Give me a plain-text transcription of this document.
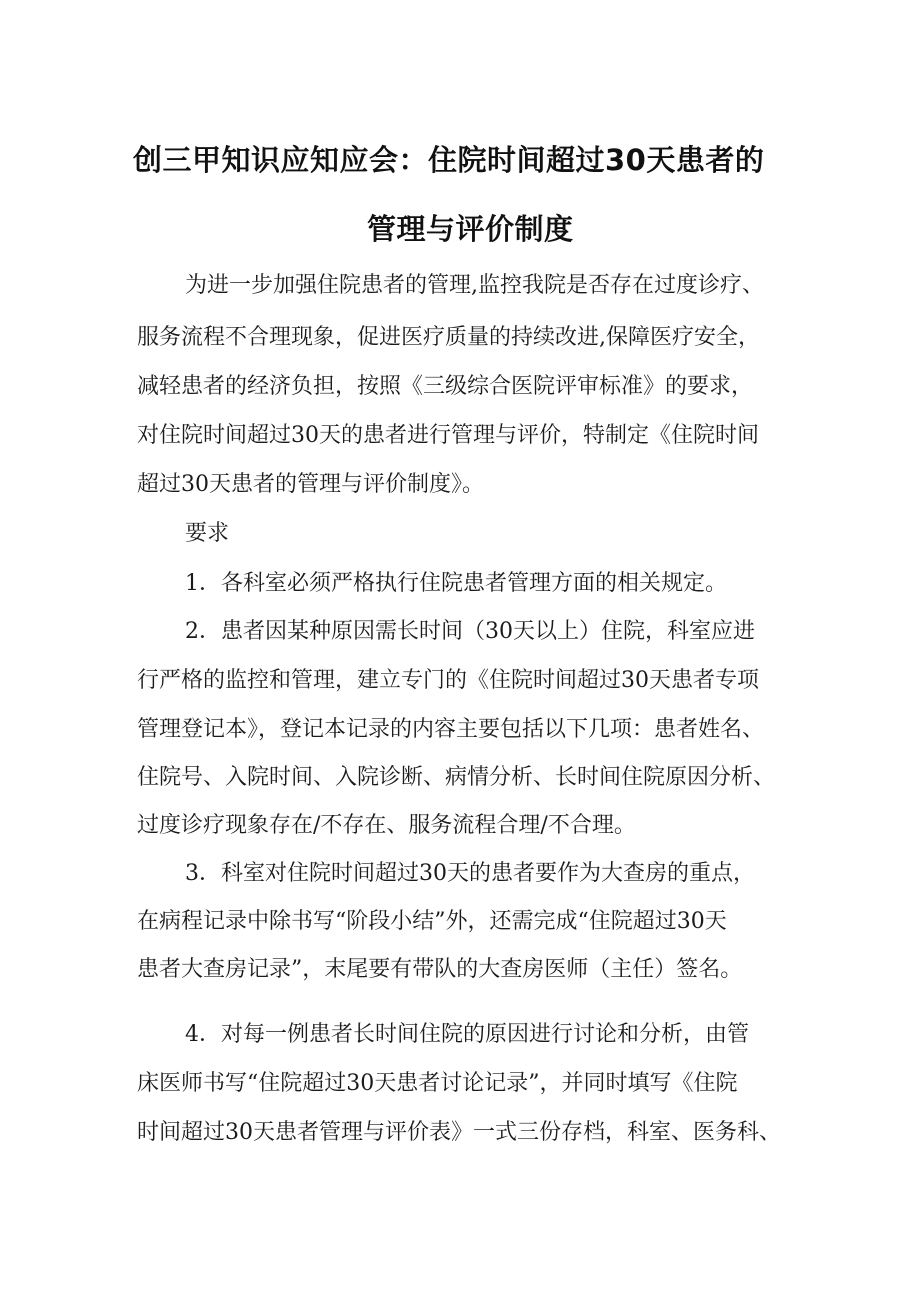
创三甲知识应知应会：住院时间超过30天患者的
管理与评价制度
为进一步加强住院患者的管理,监控我院是否存在过度诊疗、
服务流程不合理现象，促进医疗质量的持续改进,保障医疗安全，
减轻患者的经济负担，按照《三级综合医院评审标准》的要求，
对住院时间超过30天的患者进行管理与评价，特制定《住院时间
超过30天患者的管理与评价制度》。
要求
1．各科室必须严格执行住院患者管理方面的相关规定。
2．患者因某种原因需长时间（30天以上）住院，科室应进
行严格的监控和管理，建立专门的《住院时间超过30天患者专项
管理登记本》，登记本记录的内容主要包括以下几项：患者姓名、
住院号、入院时间、入院诊断、病情分析、长时间住院原因分析、
过度诊疗现象存在/不存在、服务流程合理/不合理。
3．科室对住院时间超过30天的患者要作为大查房的重点，
在病程记录中除书写“阶段小结”外，还需完成“住院超过30天
患者大查房记录”，末尾要有带队的大查房医师（主任）签名。
4．对每一例患者长时间住院的原因进行讨论和分析，由管
床医师书写“住院超过30天患者讨论记录”，并同时填写《住院
时间超过30天患者管理与评价表》一式三份存档，科室、医务科、
